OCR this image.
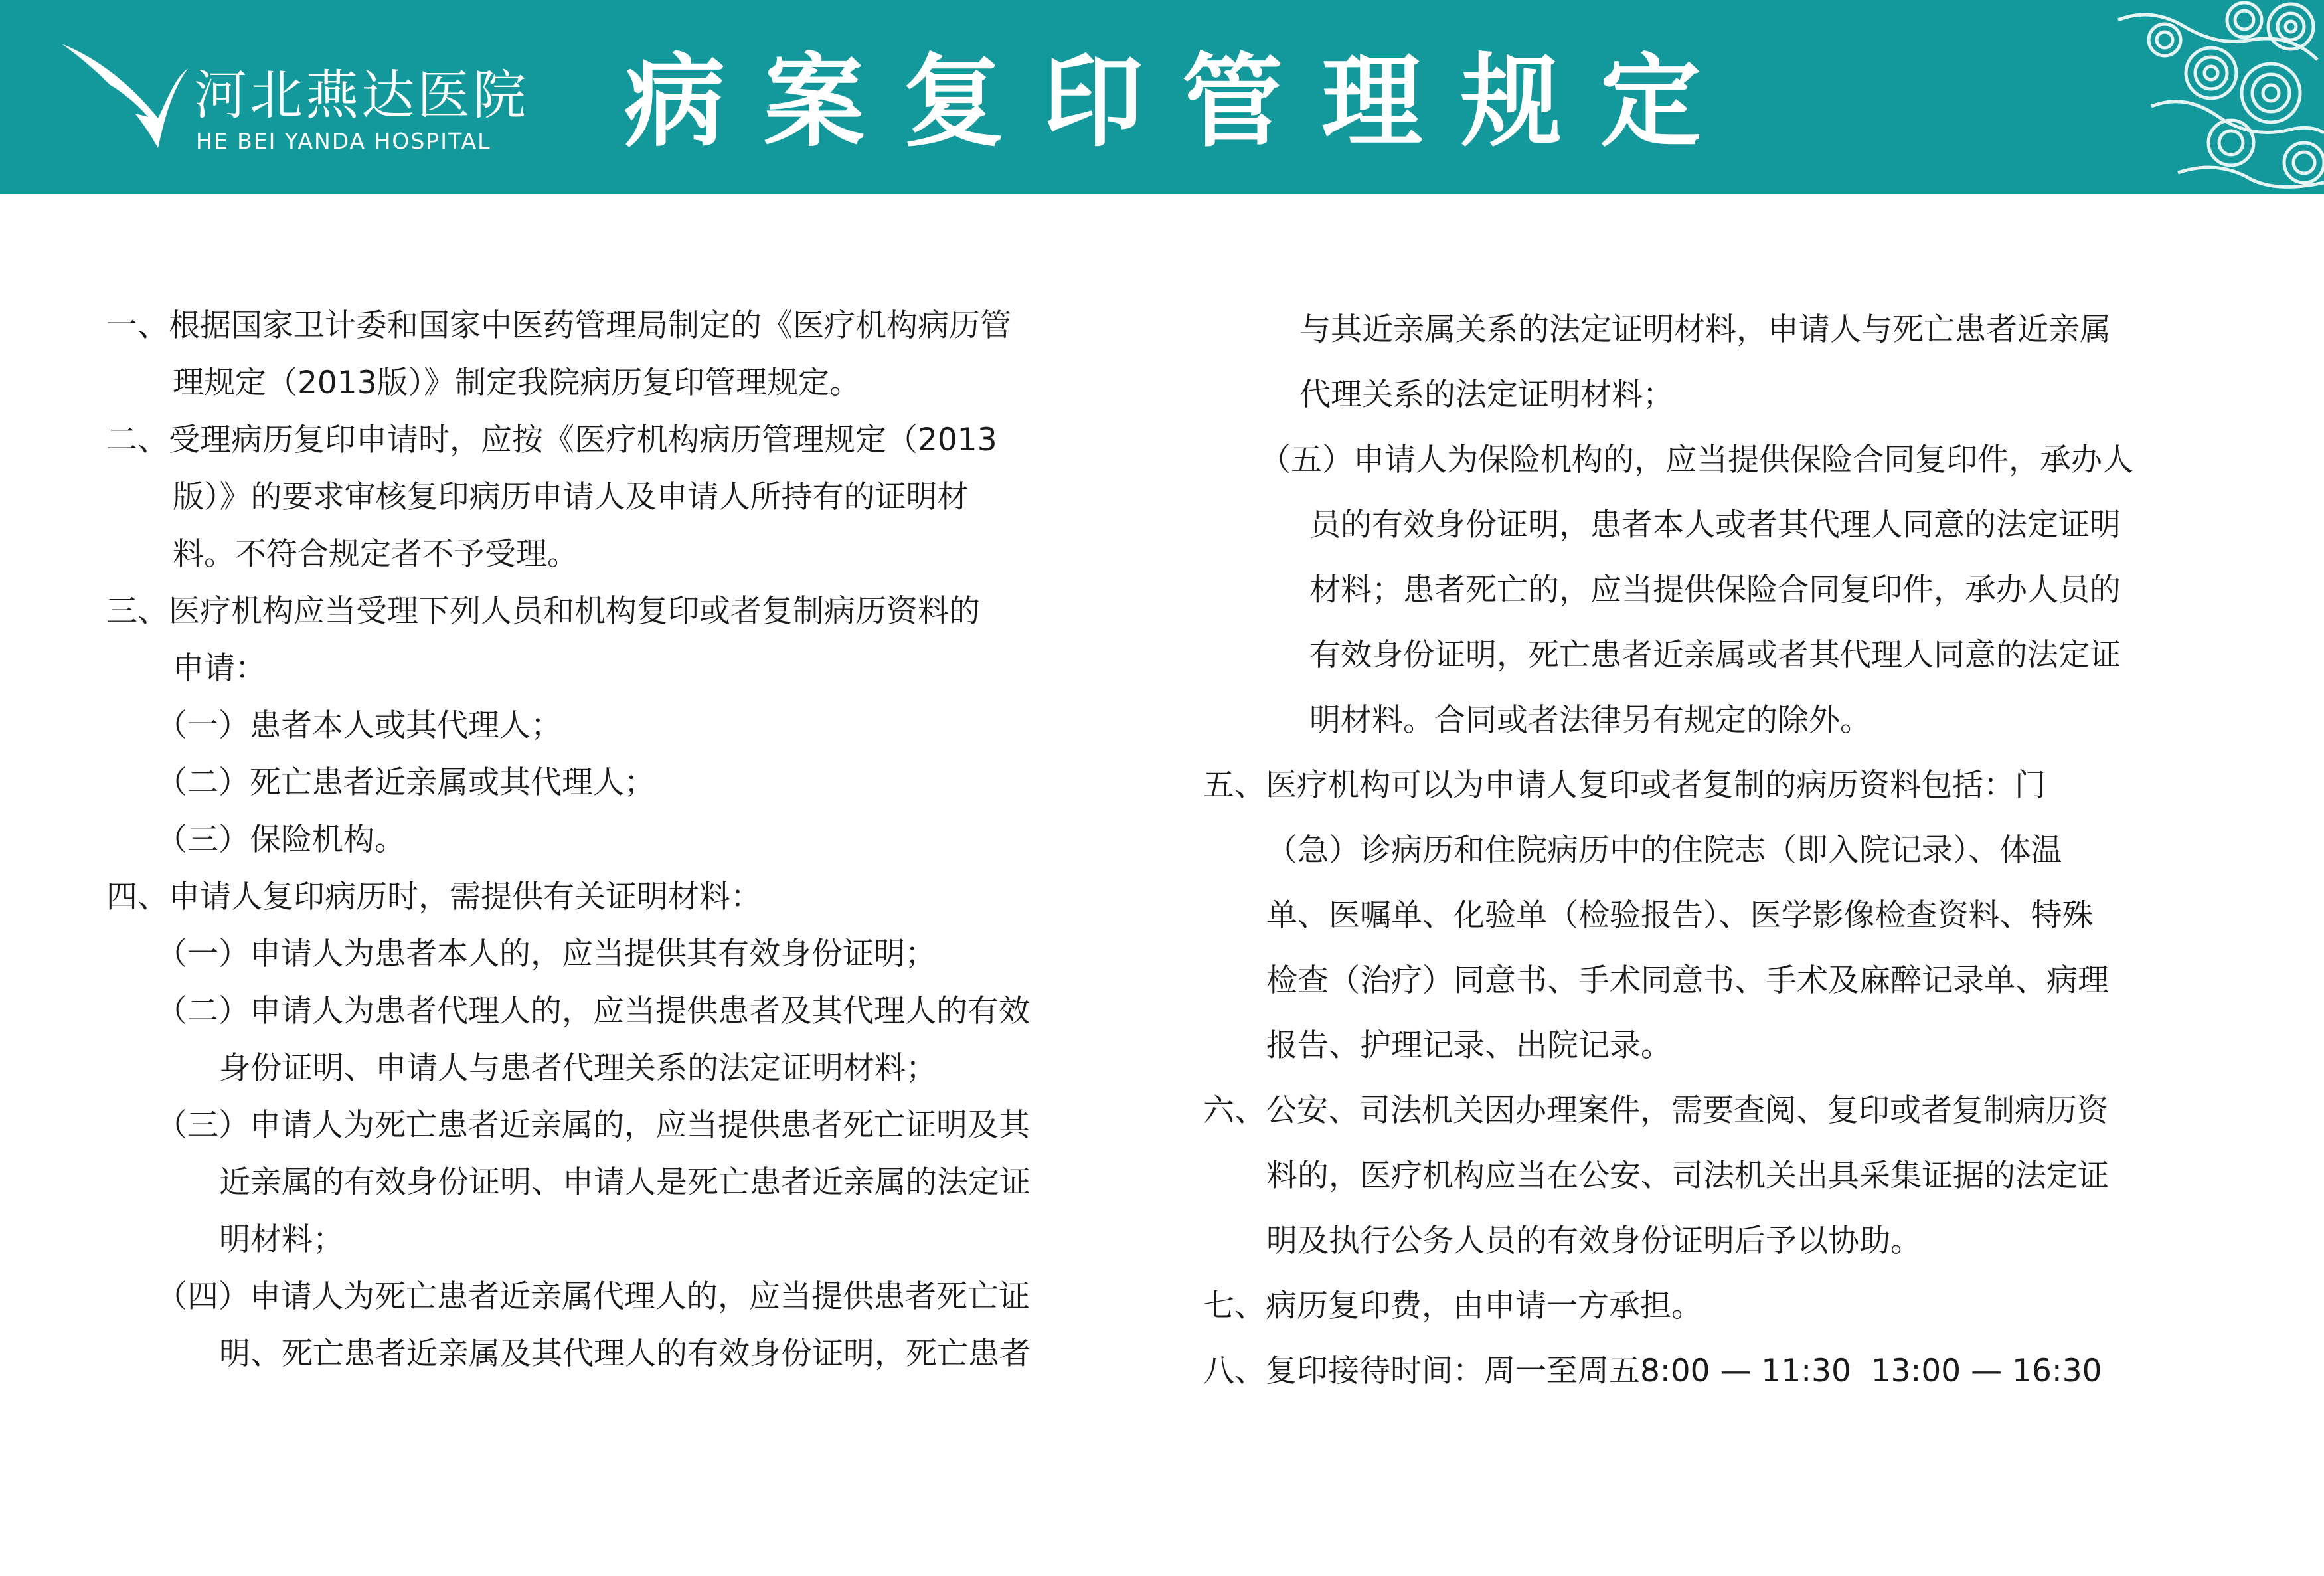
河北燕达医院
HE BEI YANDA HOSPITAL 病案复印管理规定
一、根据国家卫计委和国家中医药管理局制定的《医疗机构病历管
理规定（2013版）》制定我院病历复印管理规定。
二、受理病历复印申请时，应按《医疗机构病历管理规定（2013
版）》的要求审核复印病历申请人及申请人所持有的证明材
料。不符合规定者不予受理。
三、医疗机构应当受理下列人员和机构复印或者复制病历资料的
申请：
（一）患者本人或其代理人；
（二）死亡患者近亲属或其代理人；
（三）保险机构。
四、申请人复印病历时，需提供有关证明材料：
（一）申请人为患者本人的，应当提供其有效身份证明；
（二）申请人为患者代理人的，应当提供患者及其代理人的有效
身份证明、申请人与患者代理关系的法定证明材料；
（三）申请人为死亡患者近亲属的，应当提供患者死亡证明及其
近亲属的有效身份证明、申请人是死亡患者近亲属的法定证
明材料；
（四）申请人为死亡患者近亲属代理人的，应当提供患者死亡证
明、死亡患者近亲属及其代理人的有效身份证明，死亡患者
与其近亲属关系的法定证明材料，申请人与死亡患者近亲属
代理关系的法定证明材料；
（五）申请人为保险机构的，应当提供保险合同复印件，承办人
员的有效身份证明，患者本人或者其代理人同意的法定证明
材料；患者死亡的，应当提供保险合同复印件，承办人员的
有效身份证明，死亡患者近亲属或者其代理人同意的法定证
明材料。合同或者法律另有规定的除外。
五、医疗机构可以为申请人复印或者复制的病历资料包括：门
（急）诊病历和住院病历中的住院志（即入院记录）、体温
单、医嘱单、化验单（检验报告）、医学影像检查资料、特殊
检查（治疗）同意书、手术同意书、手术及麻醉记录单、病理
报告、护理记录、出院记录。
六、公安、司法机关因办理案件，需要查阅、复印或者复制病历资
料的，医疗机构应当在公安、司法机关出具采集证据的法定证
明及执行公务人员的有效身份证明后予以协助。
七、病历复印费，由申请一方承担。
八、复印接待时间：周一至周五8:00 — 11:30  13:00 — 16:30
